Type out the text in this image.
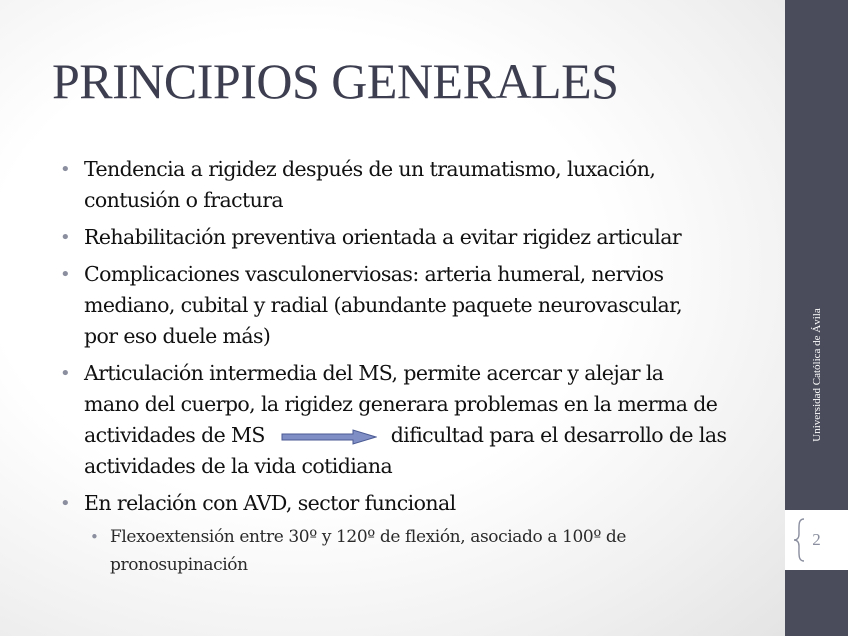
PRINCIPIOS GENERALES
• Tendencia a rigidez después de un traumatismo, luxación,
contusión o fractura
• Rehabilitación preventiva orientada a evitar rigidez articular
• Complicaciones vasculonerviosas: arteria humeral, nervios
mediano, cubital y radial (abundante paquete neurovascular,
por eso duele más)
• Articulación intermedia del MS, permite acercar y alejar la
mano del cuerpo, la rigidez generara problemas en la merma de
actividades de MS	dificultad para el desarrollo de las
actividades de la vida cotidiana
• En relación con AVD, sector funcional
• Flexoextensión entre 30º y 120º de flexión, asociado a 100º de
pronosupinación
Universidad Católica de Ávila
2
